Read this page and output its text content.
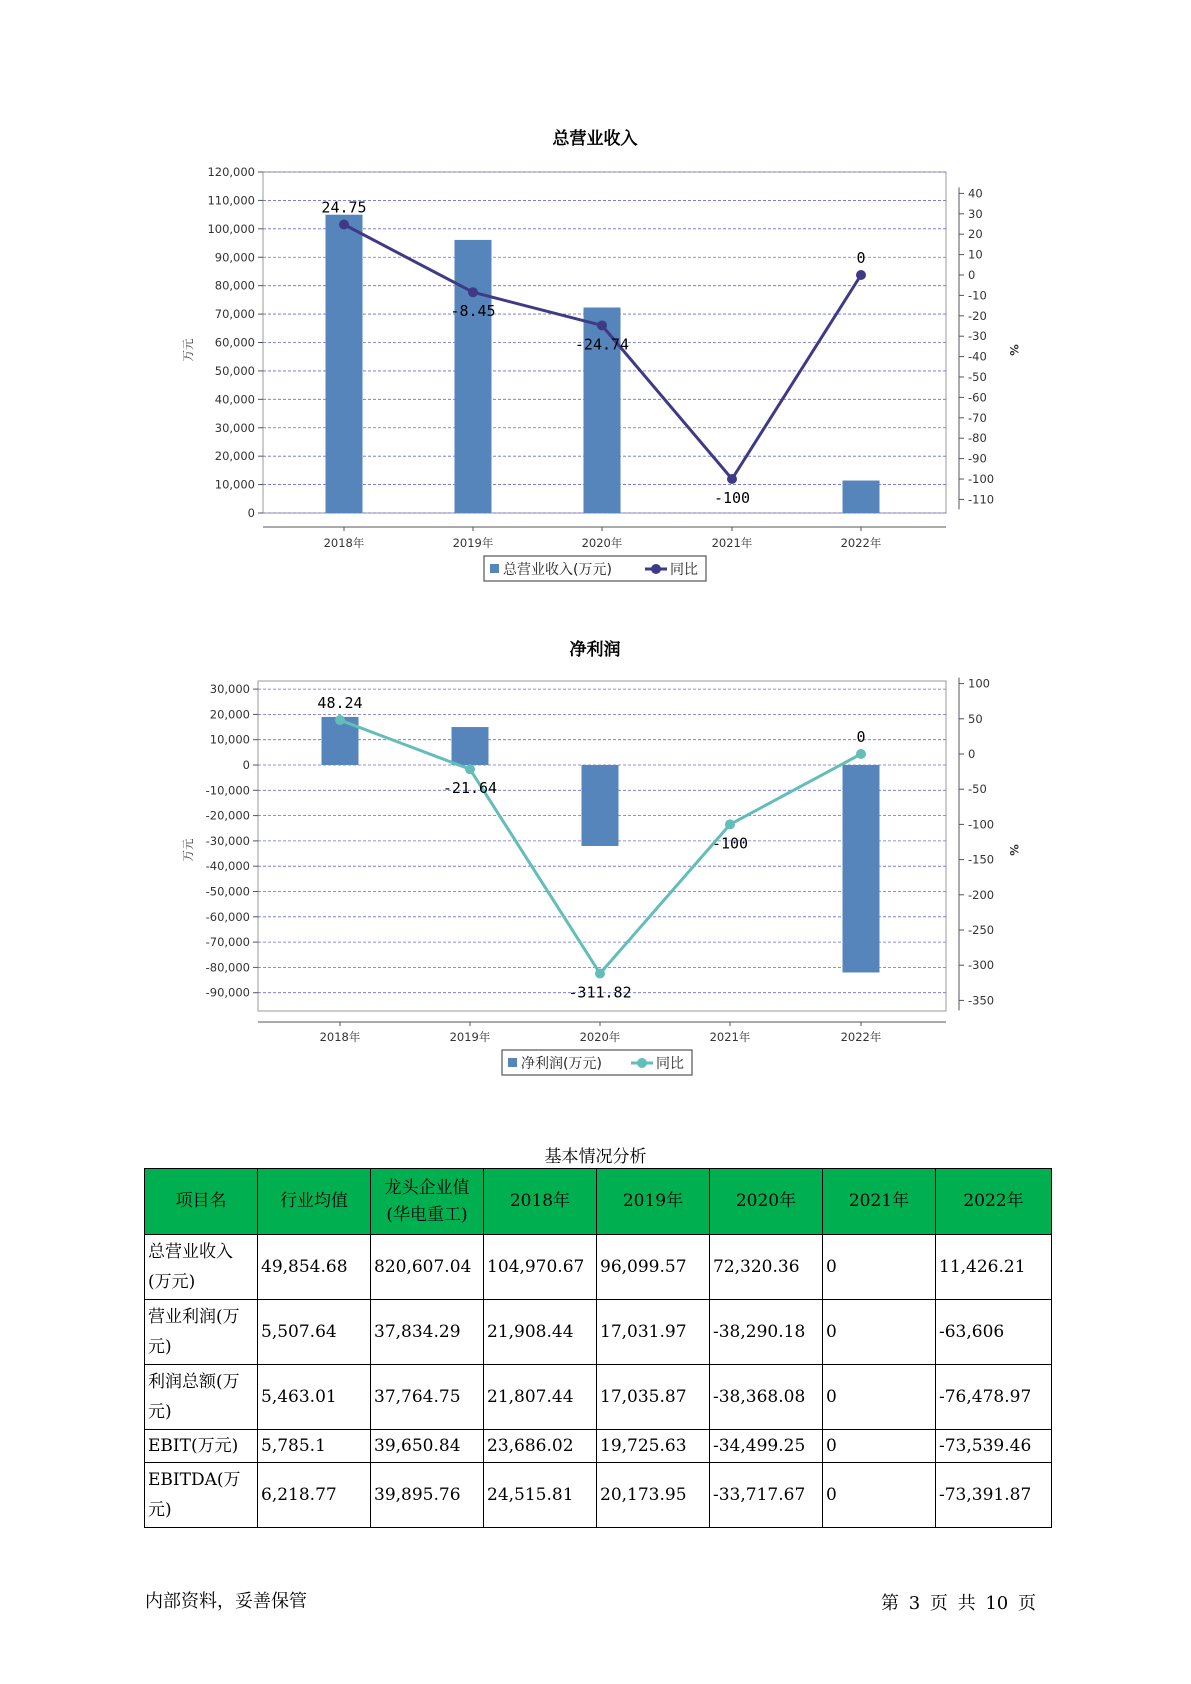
总营业收入
120,000
110,000
100,000
90,000
80,000
70,000
60,000
50,000
40,000
30,000
20,000
10,000
0
40
30
20
10
0
-10
-20
-30
-40
-50
-60
-70
-80
-90
-100
-110
万元	%
2018年	2019年	2020年	2021年	2022年
24.75
-8.45
-24.74
-100
0
总营业收入(万元)	同比
净利润
30,000
20,000
10,000
0
-10,000
-20,000
-30,000
-40,000
-50,000
-60,000
-70,000
-80,000
-90,000
100
50
0
-50
-100
-150
-200
-250
-300
-350
万元	%
2018年	2019年	2020年	2021年	2022年
48.24
-21.64
-311.82
-100
0
净利润(万元)	同比
基本情况分析
项目名	行业均值	龙头企业值(华电重工)	2018年	2019年	2020年	2021年	2022年
总营业收入(万元)	49,854.68	820,607.04	104,970.67	96,099.57	72,320.36	0	11,426.21
营业利润(万元)	5,507.64	37,834.29	21,908.44	17,031.97	-38,290.18	0	-63,606
利润总额(万元)	5,463.01	37,764.75	21,807.44	17,035.87	-38,368.08	0	-76,478.97
EBIT(万元)	5,785.1	39,650.84	23,686.02	19,725.63	-34,499.25	0	-73,539.46
EBITDA(万元)	6,218.77	39,895.76	24,515.81	20,173.95	-33,717.67	0	-73,391.87
内部资料，妥善保管	第 3 页 共 10 页
